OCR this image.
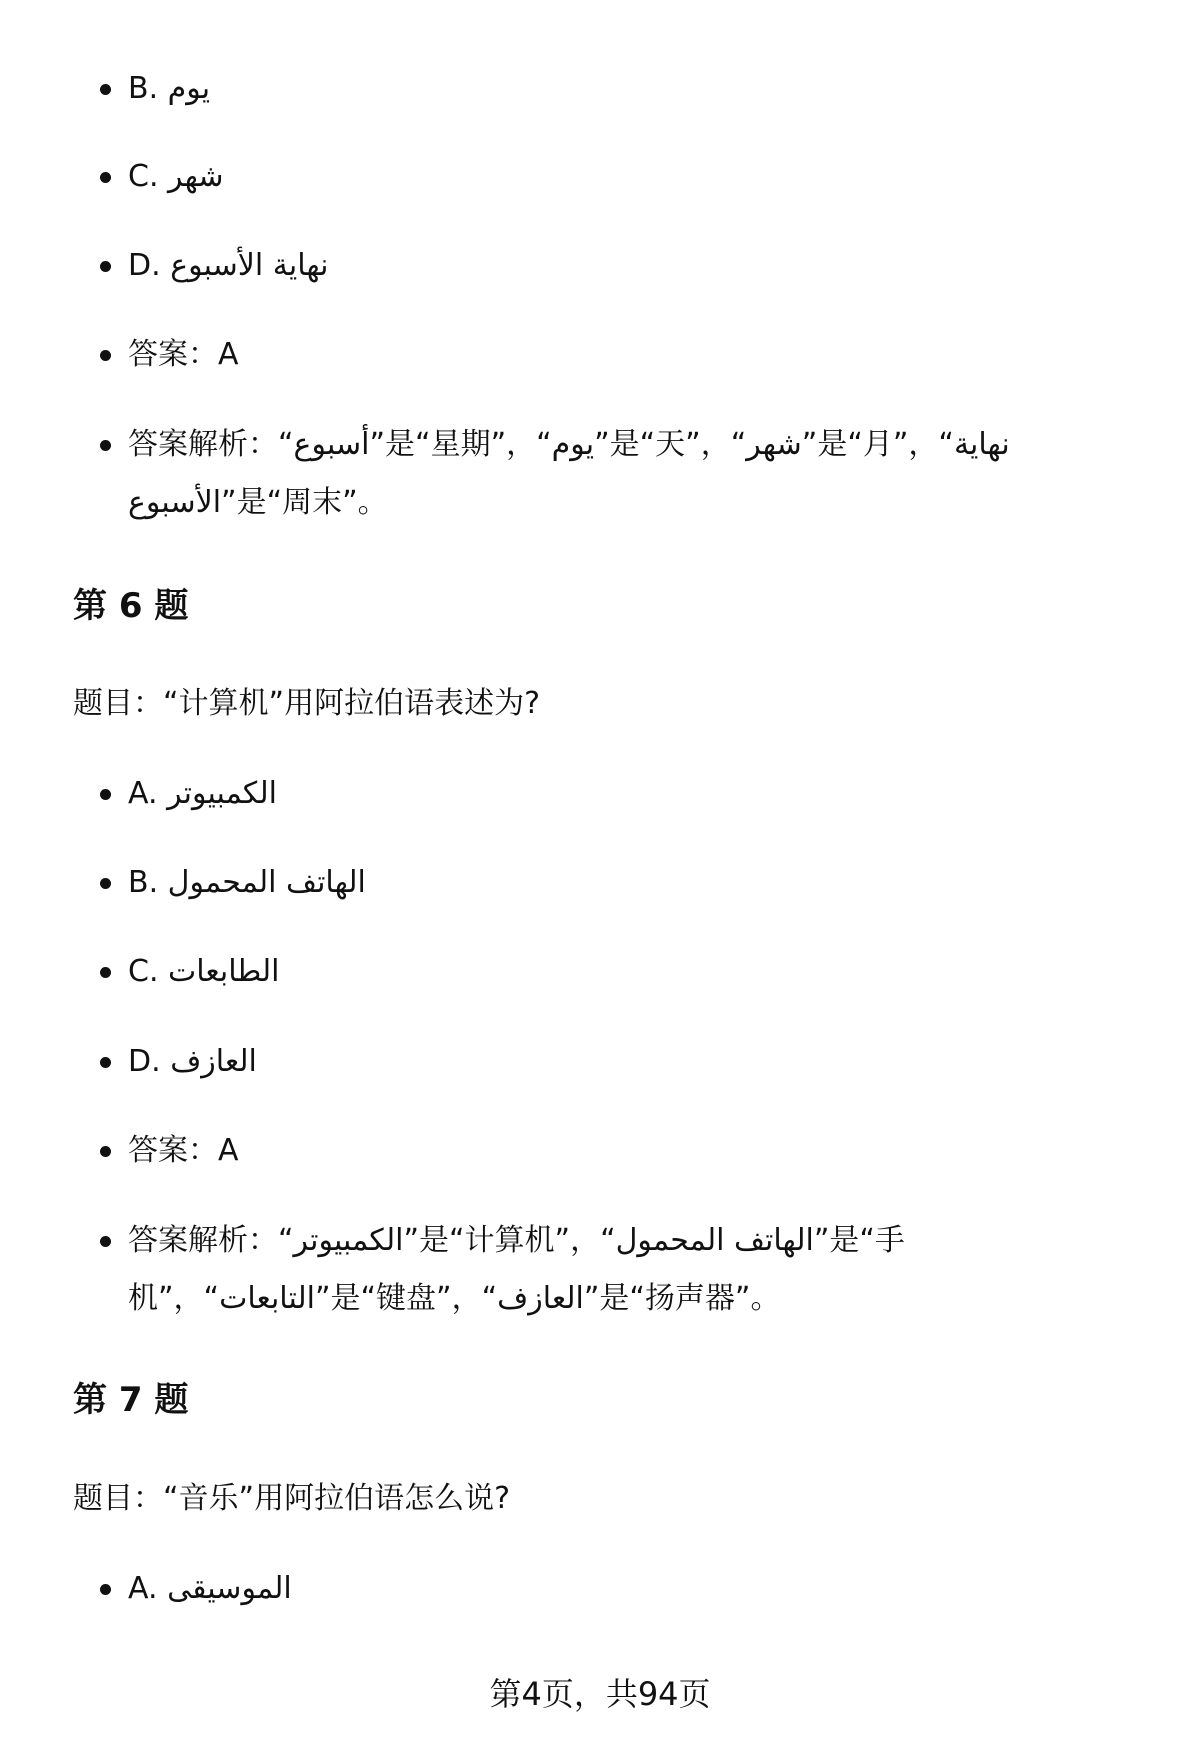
B. يوم
C. شهر
D. نهاية الأسبوع
答案：A
答案解析：“أسبوع”是“星期”，“يوم”是“天”，“شهر”是“月”，“نهاية الأسبوع”是“周末”。
第 6 题
题目：“计算机”用阿拉伯语表述为?
A. الكمبيوتر
B. الهاتف المحمول
C. الطابعات
D. العازف
答案：A
答案解析：“الكمبيوتر”是“计算机”，“الهاتف المحمول”是“手机”，“التابعات”是“键盘”，“العازف”是“扬声器”。
第 7 题
题目：“音乐”用阿拉伯语怎么说?
A. الموسيقى
第4页，共94页
